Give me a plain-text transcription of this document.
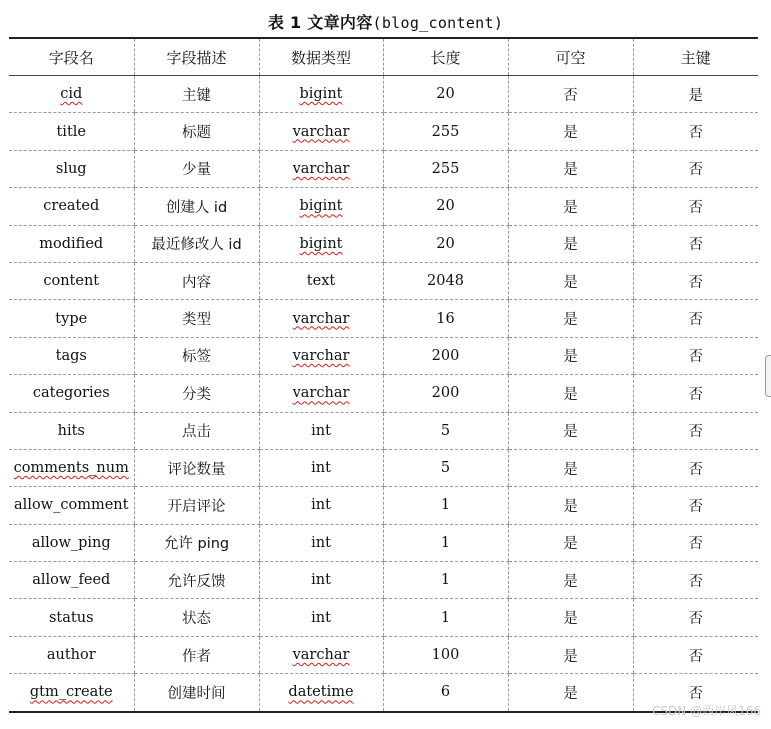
表 1 文章内容(blog_content)
字段名	字段描述	数据类型	长度	可空	主键
cid	主键	bigint	20	否	是
title	标题	varchar	255	是	否
slug	少量	varchar	255	是	否
created	创建人 id	bigint	20	是	否
modified	最近修改人 id	bigint	20	是	否
content	内容	text	2048	是	否
type	类型	varchar	16	是	否
tags	标签	varchar	200	是	否
categories	分类	varchar	200	是	否
hits	点击	int	5	是	否
comments_num	评论数量	int	5	是	否
allow_comment	开启评论	int	1	是	否
allow_ping	允许 ping	int	1	是	否
allow_feed	允许反馈	int	1	是	否
status	状态	int	1	是	否
author	作者	varchar	100	是	否
gtm_create	创建时间	datetime	6	是	否
CSDN @西岸风166
